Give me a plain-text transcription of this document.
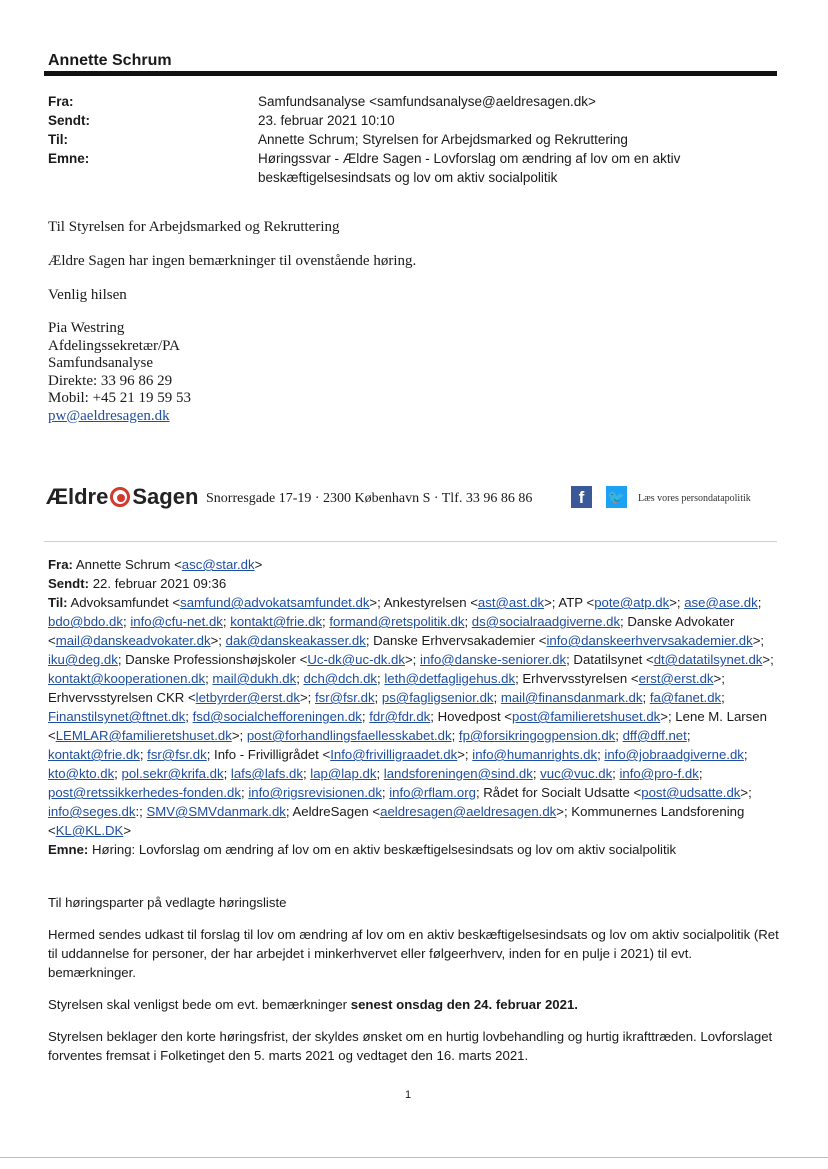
Annette Schrum
Fra:	Samfundsanalyse <samfundsanalyse@aeldresagen.dk>
Sendt:	23. februar 2021 10:10
Til:	Annette Schrum; Styrelsen for Arbejdsmarked og Rekruttering
Emne:	Høringssvar - Ældre Sagen - Lovforslag om ændring af lov om en aktiv beskæftigelsesindsats og lov om aktiv socialpolitik

Til Styrelsen for Arbejdsmarked og Rekruttering

Ældre Sagen har ingen bemærkninger til ovenstående høring.

Venlig hilsen

Pia Westring
Afdelingssekretær/PA
Samfundsanalyse
Direkte: 33 96 86 29
Mobil: +45 21 19 59 53
pw@aeldresagen.dk
Ældre Sagen Snorresgade 17-19 · 2300 København S · Tlf. 33 96 86 86	f	🐦 Læs vores persondatapolitik
Fra: Annette Schrum <asc@star.dk>
Sendt: 22. februar 2021 09:36
Til: Advoksamfundet <samfund@advokatsamfundet.dk>; Ankestyrelsen <ast@ast.dk>; ATP <pote@atp.dk>; ase@ase.dk; bdo@bdo.dk; info@cfu-net.dk; kontakt@frie.dk; formand@retspolitik.dk; ds@socialraadgiverne.dk; Danske Advokater <mail@danskeadvokater.dk>; dak@danskeakasser.dk; Danske Erhvervsakademier <info@danskeerhvervsakademier.dk>; iku@deg.dk; Danske Professionshøjskoler <Uc-dk@uc-dk.dk>; info@danske-seniorer.dk; Datatilsynet <dt@datatilsynet.dk>; kontakt@kooperationen.dk; mail@dukh.dk; dch@dch.dk; leth@detfagligehus.dk; Erhvervsstyrelsen <erst@erst.dk>; Erhvervsstyrelsen CKR <letbyrder@erst.dk>; fsr@fsr.dk; ps@fagligsenior.dk; mail@finansdanmark.dk; fa@fanet.dk; Finanstilsynet@ftnet.dk; fsd@socialchefforeningen.dk; fdr@fdr.dk; Hovedpost <post@familieretshuset.dk>; Lene M. Larsen <LEMLAR@familieretshuset.dk>; post@forhandlingsfaellesskabet.dk; fp@forsikringogpension.dk; dff@dff.net; kontakt@frie.dk; fsr@fsr.dk; Info - Frivilligrådet <Info@frivilligraadet.dk>; info@humanrights.dk; info@jobraadgiverne.dk; kto@kto.dk; pol.sekr@krifa.dk; lafs@lafs.dk; lap@lap.dk; landsforeningen@sind.dk; vuc@vuc.dk; info@pro-f.dk; post@retssikkerhedes-fonden.dk; info@rigsrevisionen.dk; info@rflam.org; Rådet for Socialt Udsatte <post@udsatte.dk>; info@seges.dk:; SMV@SMVdanmark.dk; AeldreSagen <aeldresagen@aeldresagen.dk>; Kommunernes Landsforening <KL@KL.DK>
Emne: Høring: Lovforslag om ændring af lov om en aktiv beskæftigelsesindsats og lov om aktiv socialpolitik

Til høringsparter på vedlagte høringsliste

Hermed sendes udkast til forslag til lov om ændring af lov om en aktiv beskæftigelsesindsats og lov om aktiv socialpolitik (Ret til uddannelse for personer, der har arbejdet i minkerhvervet eller følgeerhverv, inden for en pulje i 2021) til evt. bemærkninger.

Styrelsen skal venligst bede om evt. bemærkninger senest onsdag den 24. februar 2021.

Styrelsen beklager den korte høringsfrist, der skyldes ønsket om en hurtig lovbehandling og hurtig ikrafttræden. Lovforslaget forventes fremsat i Folketinget den 5. marts 2021 og vedtaget den 16. marts 2021.

1
